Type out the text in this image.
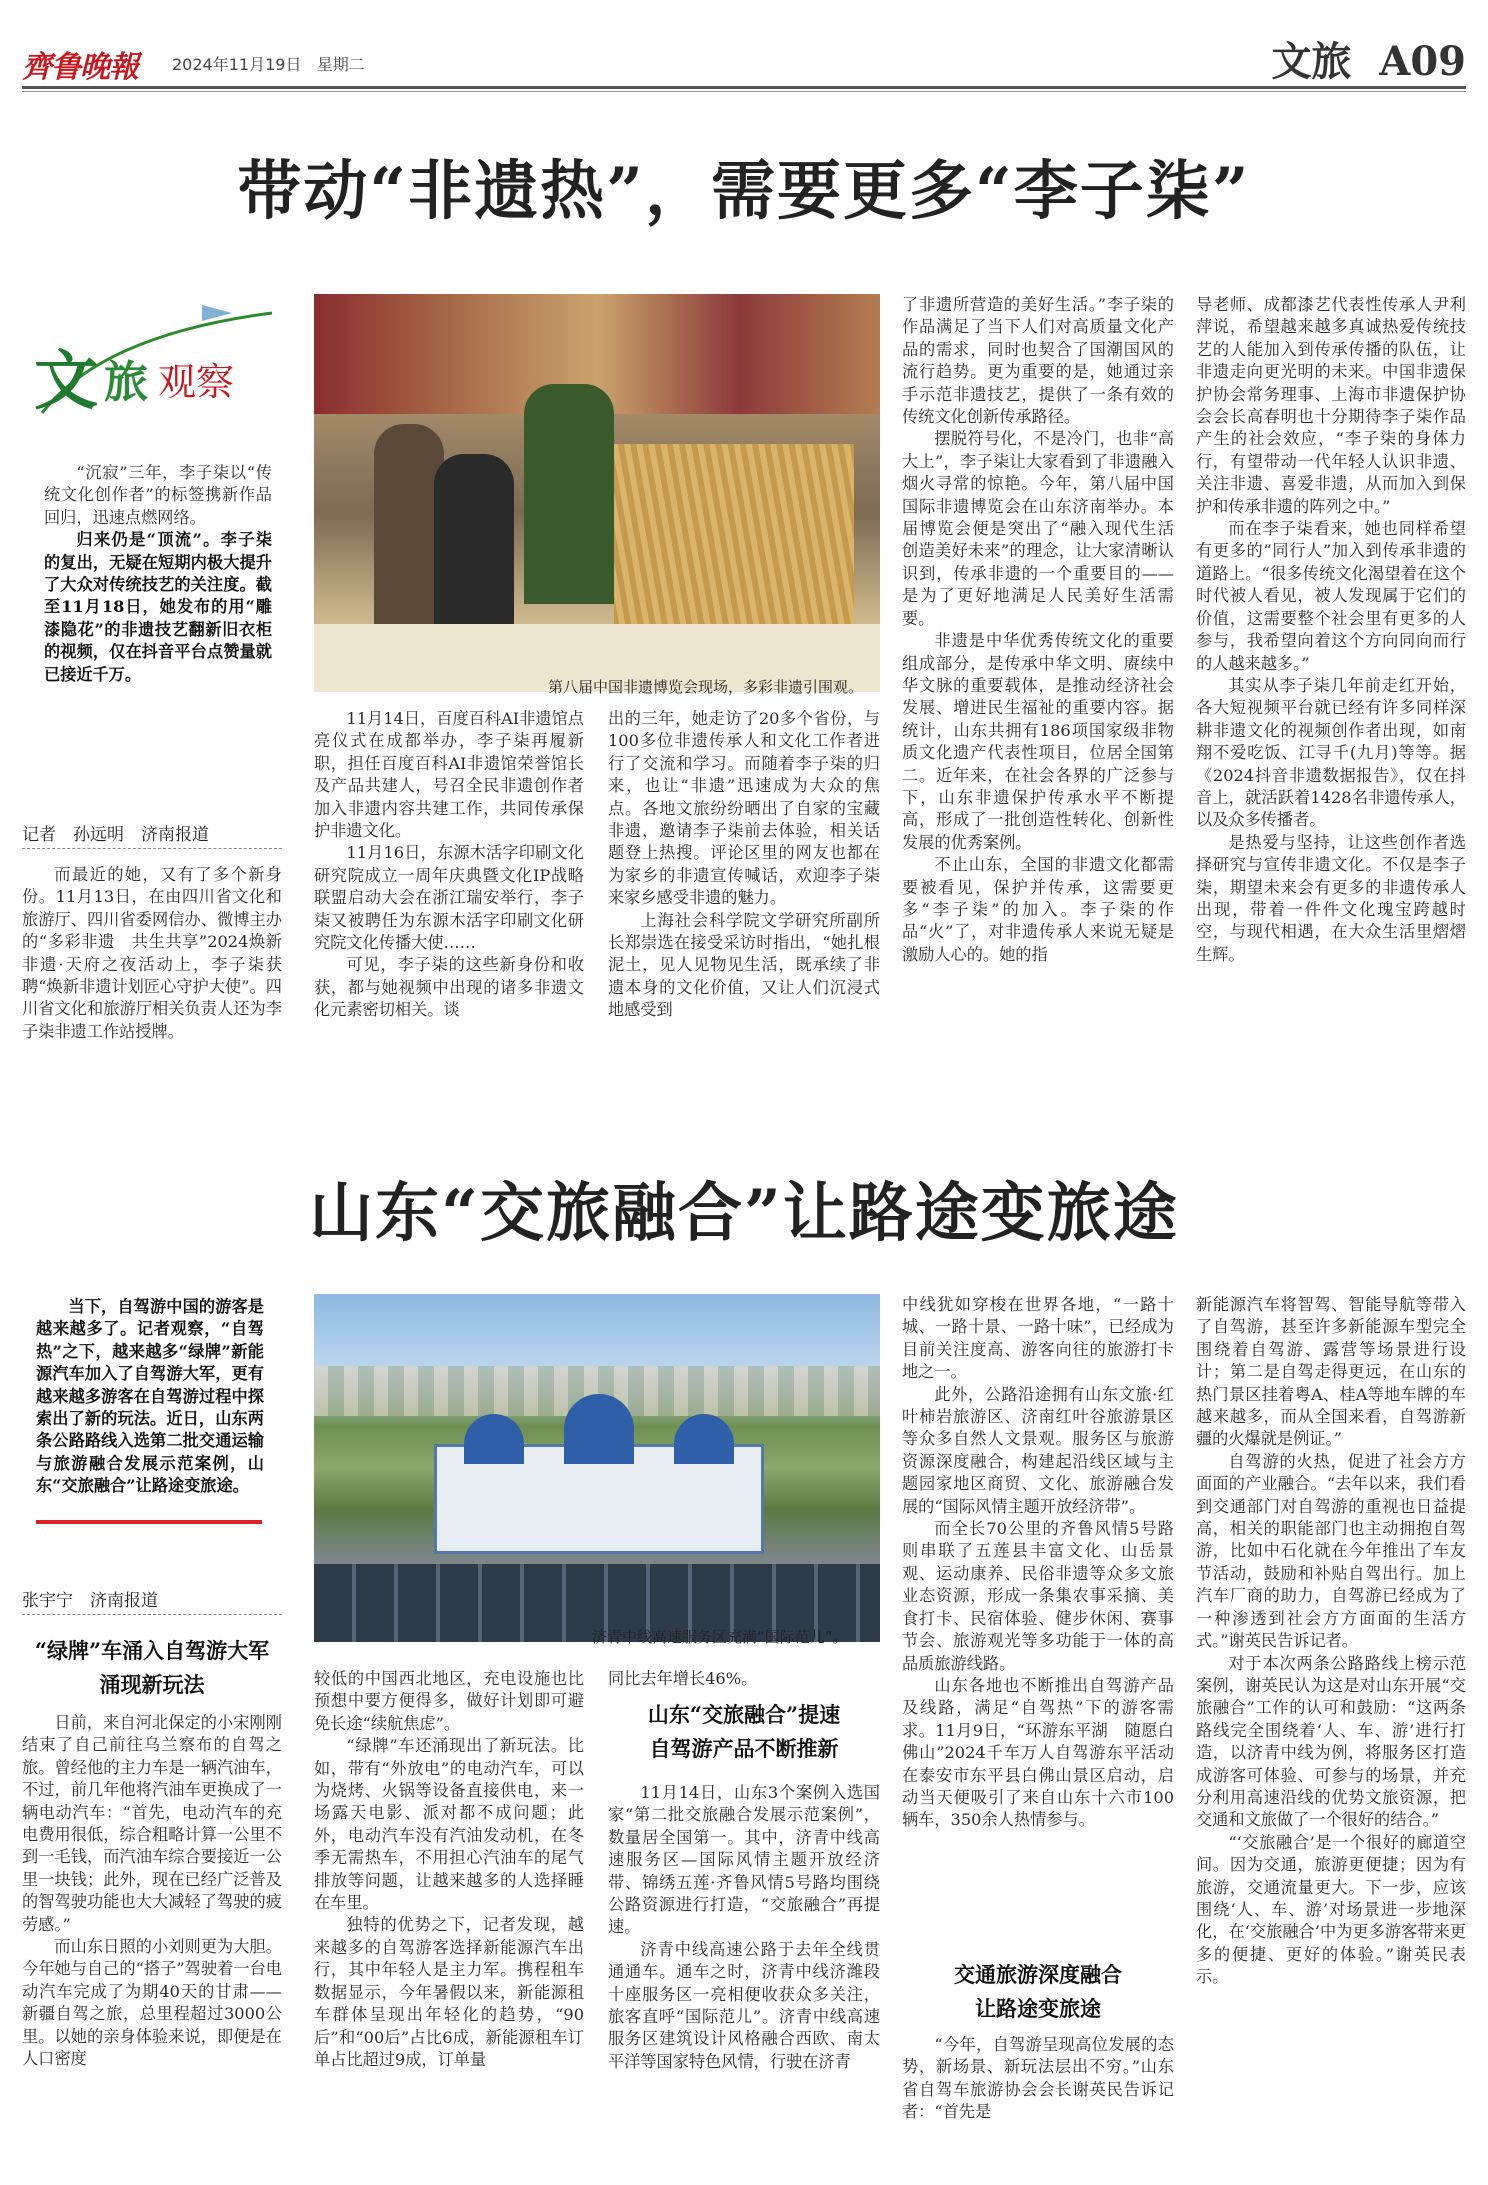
齊鲁晚報 2024年11月19日 星期二	文旅 A09
带动“非遗热”，需要更多“李子柒”
文 旅 观察

“沉寂”三年，李子柒以“传统文化创作者”的标签携新作品回归，迅速点燃网络。

归来仍是“顶流”。李子柒的复出，无疑在短期内极大提升了大众对传统技艺的关注度。截至11月18日，她发布的用“雕漆隐花”的非遗技艺翻新旧衣柜的视频，仅在抖音平台点赞量就已接近千万。

记者　孙远明　济南报道

而最近的她，又有了多个新身份。11月13日，在由四川省文化和旅游厅、四川省委网信办、微博主办的“多彩非遗　共生共享”2024焕新非遗·天府之夜活动上，李子柒获聘“焕新非遗计划匠心守护大使”。四川省文化和旅游厅相关负责人还为李子柒非遗工作站授牌。

第八届中国非遗博览会现场，多彩非遗引围观。

11月14日，百度百科AI非遗馆点亮仪式在成都举办，李子柒再履新职，担任百度百科AI非遗馆荣誉馆长及产品共建人，号召全民非遗创作者加入非遗内容共建工作，共同传承保护非遗文化。

11月16日，东源木活字印刷文化研究院成立一周年庆典暨文化IP战略联盟启动大会在浙江瑞安举行，李子柒又被聘任为东源木活字印刷文化研究院文化传播大使……

可见，李子柒的这些新身份和收获，都与她视频中出现的诸多非遗文化元素密切相关。谈

出的三年，她走访了20多个省份，与100多位非遗传承人和文化工作者进行了交流和学习。而随着李子柒的归来，也让“非遗”迅速成为大众的焦点。各地文旅纷纷晒出了自家的宝藏非遗，邀请李子柒前去体验，相关话题登上热搜。评论区里的网友也都在为家乡的非遗宣传喊话，欢迎李子柒来家乡感受非遗的魅力。

上海社会科学院文学研究所副所长郑崇选在接受采访时指出，“她扎根泥土，见人见物见生活，既承续了非遗本身的文化价值，又让人们沉浸式地感受到

了非遗所营造的美好生活。”李子柒的作品满足了当下人们对高质量文化产品的需求，同时也契合了国潮国风的流行趋势。更为重要的是，她通过亲手示范非遗技艺，提供了一条有效的传统文化创新传承路径。

摆脱符号化，不是冷门，也非“高大上”，李子柒让大家看到了非遗融入烟火寻常的惊艳。今年，第八届中国国际非遗博览会在山东济南举办。本届博览会便是突出了“融入现代生活　创造美好未来”的理念，让大家清晰认识到，传承非遗的一个重要目的——是为了更好地满足人民美好生活需要。

非遗是中华优秀传统文化的重要组成部分，是传承中华文明、赓续中华文脉的重要载体，是推动经济社会发展、增进民生福祉的重要内容。据统计，山东共拥有186项国家级非物质文化遗产代表性项目，位居全国第二。近年来，在社会各界的广泛参与下，山东非遗保护传承水平不断提高，形成了一批创造性转化、创新性发展的优秀案例。

不止山东，全国的非遗文化都需要被看见，保护并传承，这需要更多“李子柒”的加入。李子柒的作品“火”了，对非遗传承人来说无疑是激励人心的。她的指

导老师、成都漆艺代表性传承人尹利萍说，希望越来越多真诚热爱传统技艺的人能加入到传承传播的队伍，让非遗走向更光明的未来。中国非遗保护协会常务理事、上海市非遗保护协会会长高春明也十分期待李子柒作品产生的社会效应，“李子柒的身体力行，有望带动一代年轻人认识非遗、关注非遗、喜爱非遗，从而加入到保护和传承非遗的阵列之中。”

而在李子柒看来，她也同样希望有更多的“同行人”加入到传承非遗的道路上。“很多传统文化渴望着在这个时代被人看见，被人发现属于它们的价值，这需要整个社会里有更多的人参与，我希望向着这个方向同向而行的人越来越多。”

其实从李子柒几年前走红开始，各大短视频平台就已经有许多同样深耕非遗文化的视频创作者出现，如南翔不爱吃饭、江寻千(九月)等等。据《2024抖音非遗数据报告》，仅在抖音上，就活跃着1428名非遗传承人，以及众多传播者。

是热爱与坚持，让这些创作者选择研究与宣传非遗文化。不仅是李子柒，期望未来会有更多的非遗传承人出现，带着一件件文化瑰宝跨越时空，与现代相遇，在大众生活里熠熠生辉。

山东“交旅融合”让路途变旅途

当下，自驾游中国的游客是越来越多了。记者观察，“自驾热”之下，越来越多“绿牌”新能源汽车加入了自驾游大军，更有越来越多游客在自驾游过程中探索出了新的玩法。近日，山东两条公路路线入选第二批交通运输与旅游融合发展示范案例，山东“交旅融合”让路途变旅途。

张宇宁　济南报道
“绿牌”车涌入自驾游大军
涌现新玩法

日前，来自河北保定的小宋刚刚结束了自己前往乌兰察布的自驾之旅。曾经他的主力车是一辆汽油车，不过，前几年他将汽油车更换成了一辆电动汽车：“首先，电动汽车的充电费用很低，综合粗略计算一公里不到一毛钱，而汽油车综合要接近一公里一块钱；此外，现在已经广泛普及的智驾驶功能也大大减轻了驾驶的疲劳感。”

而山东日照的小刘则更为大胆。今年她与自己的“搭子”驾驶着一台电动汽车完成了为期40天的甘肃——新疆自驾之旅，总里程超过3000公里。以她的亲身体验来说，即便是在人口密度

济青中线高速服务区充满“国际范儿”。

较低的中国西北地区，充电设施也比预想中要方便得多，做好计划即可避免长途“续航焦虑”。

“绿牌”车还涌现出了新玩法。比如，带有“外放电”的电动汽车，可以为烧烤、火锅等设备直接供电，来一场露天电影、派对都不成问题；此外，电动汽车没有汽油发动机，在冬季无需热车，不用担心汽油车的尾气排放等问题，让越来越多的人选择睡在车里。

独特的优势之下，记者发现，越来越多的自驾游客选择新能源汽车出行，其中年轻人是主力军。携程租车数据显示，今年暑假以来，新能源租车群体呈现出年轻化的趋势，“90后”和“00后”占比6成，新能源租车订单占比超过9成，订单量

同比去年增长46%。

山东“交旅融合”提速
自驾游产品不断推新

11月14日，山东3个案例入选国家“第二批交旅融合发展示范案例”，数量居全国第一。其中，济青中线高速服务区—国际风情主题开放经济带、锦绣五莲·齐鲁风情5号路均围绕公路资源进行打造，“交旅融合”再提速。

济青中线高速公路于去年全线贯通通车。通车之时，济青中线济潍段十座服务区一亮相便收获众多关注，旅客直呼“国际范儿”。济青中线高速服务区建筑设计风格融合西欧、南太平洋等国家特色风情，行驶在济青

中线犹如穿梭在世界各地，“一路十城、一路十景、一路十味”，已经成为目前关注度高、游客向往的旅游打卡地之一。

此外，公路沿途拥有山东文旅·红叶柿岩旅游区、济南红叶谷旅游景区等众多自然人文景观。服务区与旅游资源深度融合，构建起沿线区域与主题园家地区商贸、文化、旅游融合发展的“国际风情主题开放经济带”。

而全长70公里的齐鲁风情5号路则串联了五莲县丰富文化、山岳景观、运动康养、民俗非遗等众多文旅业态资源，形成一条集农事采摘、美食打卡、民宿体验、健步休闲、赛事节会、旅游观光等多功能于一体的高品质旅游线路。

山东各地也不断推出自驾游产品及线路，满足“自驾热”下的游客需求。11月9日，“环游东平湖　随愿白佛山”2024千车万人自驾游东平活动在泰安市东平县白佛山景区启动，启动当天便吸引了来自山东十六市100辆车，350余人热情参与。

交通旅游深度融合
让路途变旅途

“今年，自驾游呈现高位发展的态势，新场景、新玩法层出不穷。”山东省自驾车旅游协会会长谢英民告诉记者：“首先是

新能源汽车将智驾、智能导航等带入了自驾游，甚至许多新能源车型完全围绕着自驾游、露营等场景进行设计；第二是自驾走得更远，在山东的热门景区挂着粤A、桂A等地车牌的车越来越多，而从全国来看，自驾游新疆的火爆就是例证。”

自驾游的火热，促进了社会方方面面的产业融合。“去年以来，我们看到交通部门对自驾游的重视也日益提高，相关的职能部门也主动拥抱自驾游，比如中石化就在今年推出了车友节活动，鼓励和补贴自驾出行。加上汽车厂商的助力，自驾游已经成为了一种渗透到社会方方面面的生活方式。”谢英民告诉记者。

对于本次两条公路路线上榜示范案例，谢英民认为这是对山东开展“交旅融合”工作的认可和鼓励：“这两条路线完全围绕着‘人、车、游’进行打造，以济青中线为例，将服务区打造成游客可体验、可参与的场景，并充分利用高速沿线的优势文旅资源，把交通和文旅做了一个很好的结合。”

“‘交旅融合’是一个很好的廊道空间。因为交通，旅游更便捷；因为有旅游，交通流量更大。下一步，应该围绕‘人、车、游’对场景进一步地深化，在‘交旅融合’中为更多游客带来更多的便捷、更好的体验。”谢英民表示。
